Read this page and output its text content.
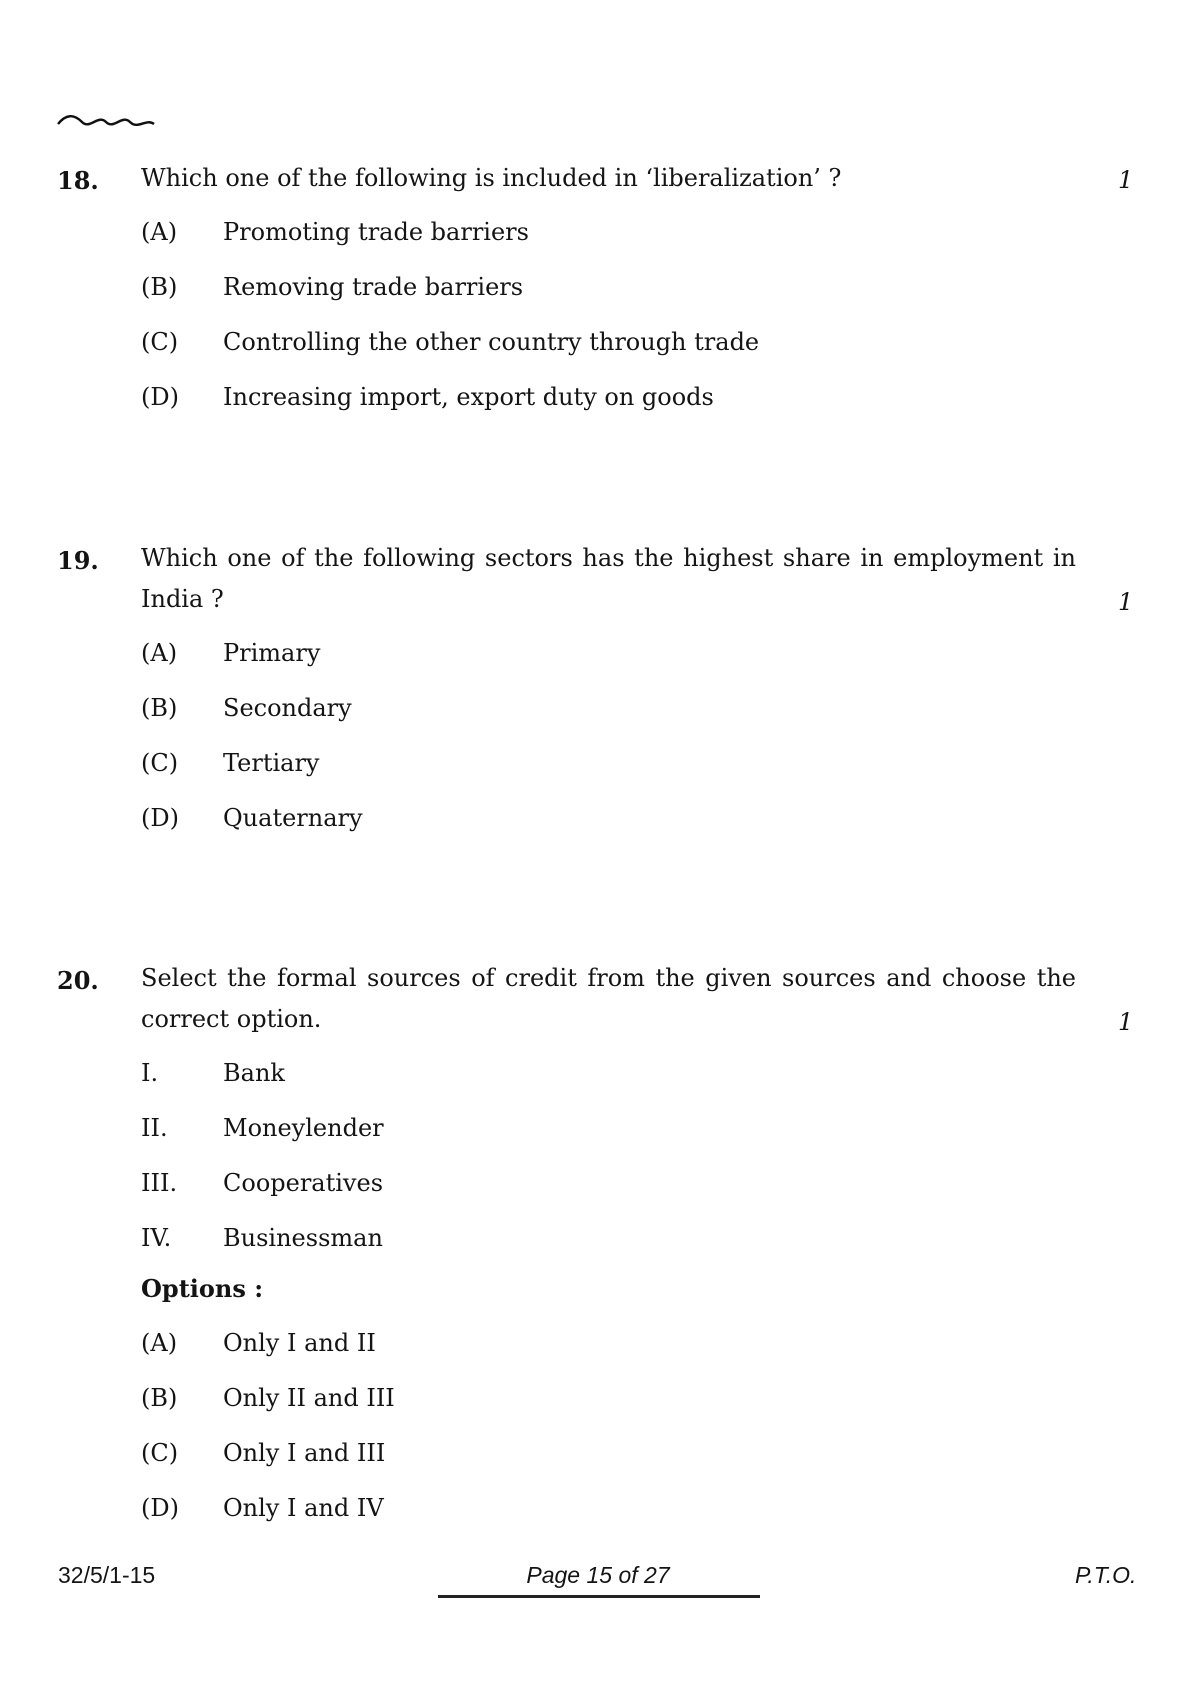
18. Which one of the following is included in ‘liberalization’ ?	1
(A) Promoting trade barriers
(B) Removing trade barriers
(C) Controlling the other country through trade
(D) Increasing import, export duty on goods
19. Which one of the following sectors has the highest share in employment in India ?	1
(A) Primary
(B) Secondary
(C) Tertiary
(D) Quaternary
20. Select the formal sources of credit from the given sources and choose the correct option.	1
I.	Bank
II. Moneylender
III. Cooperatives
IV. Businessman
Options :
(A) Only I and II
(B) Only II and III
(C) Only I and III
(D) Only I and IV
32/5/1-15	Page 15 of 27	P.T.O.
